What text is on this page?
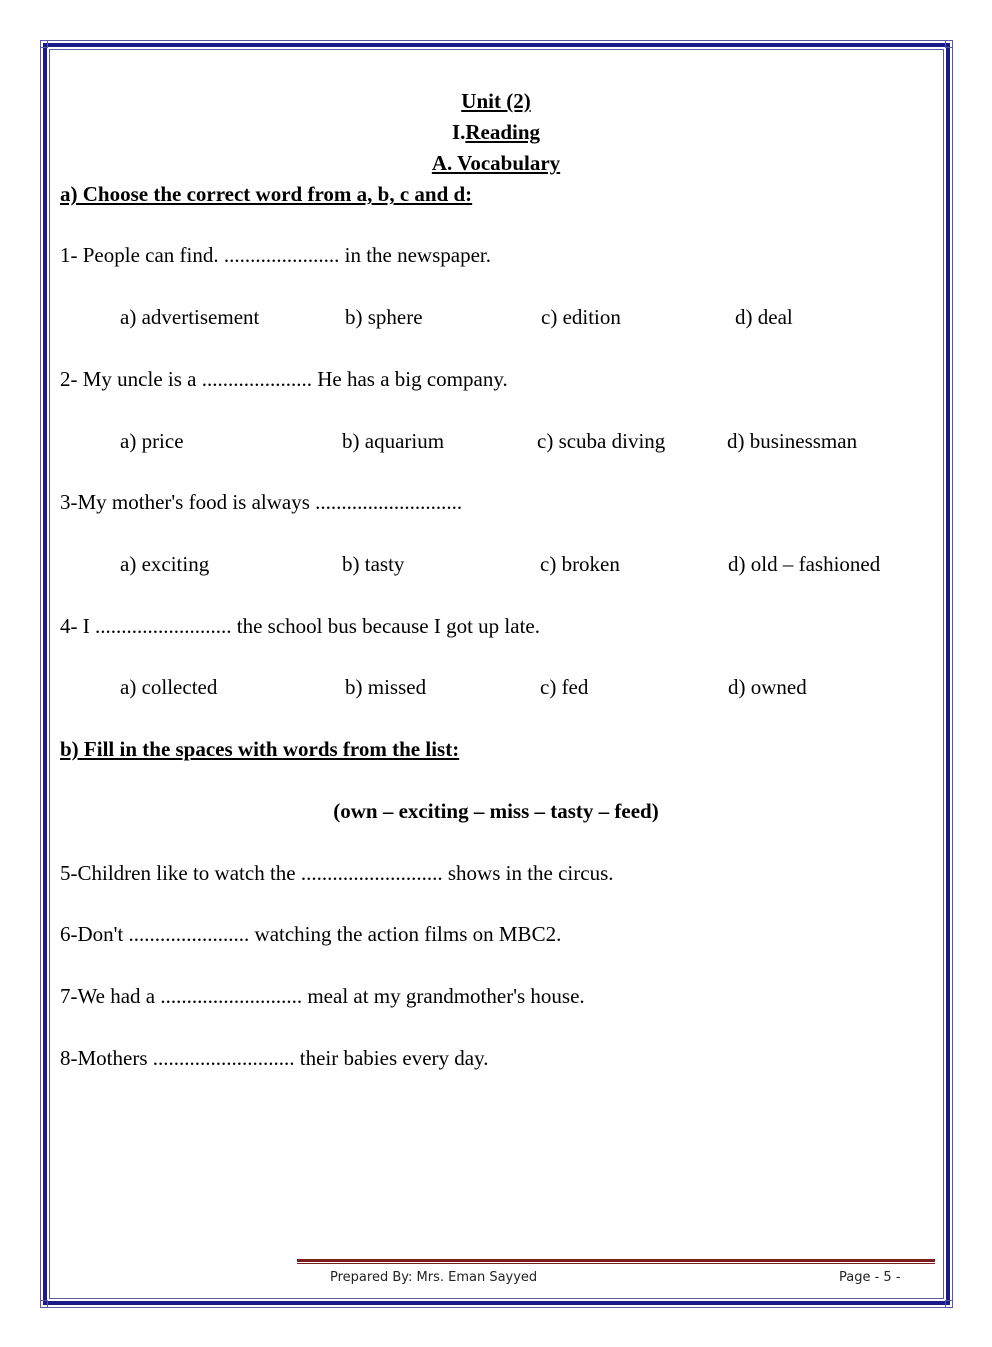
Unit (2)
I.Reading
A. Vocabulary
a) Choose the correct word from a, b, c and d:
1- People can find. ...................... in the newspaper.
a) advertisement	b) sphere	c) edition	d) deal
2- My uncle is a ..................... He has a big company.
a) price	b) aquarium	c) scuba diving	d) businessman
3-My mother's food is always ............................
a) exciting	b) tasty	c) broken	d) old – fashioned
4- I .......................... the school bus because I got up late.
a) collected	b) missed	c) fed	d) owned
b) Fill in the spaces with words from the list:
(own – exciting – miss – tasty – feed)
5-Children like to watch the ........................... shows in the circus.
6-Don't ....................... watching the action films on MBC2.
7-We had a ........................... meal at my grandmother's house.
8-Mothers ........................... their babies every day.
Prepared By: Mrs. Eman Sayyed	Page - 5 -
